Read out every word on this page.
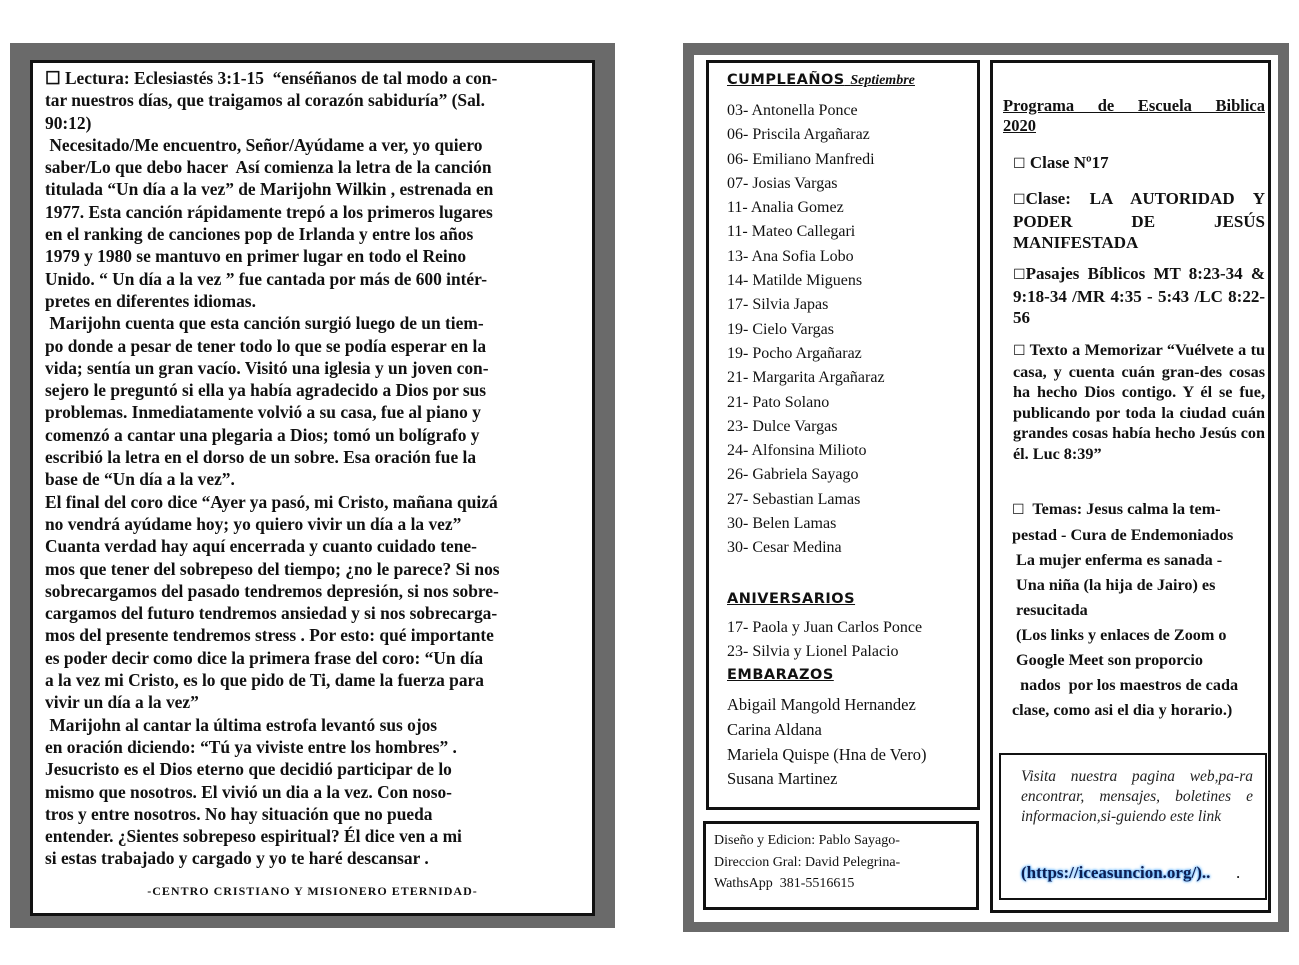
☐ Lectura: Eclesiastés 3:1-15  “enséñanos de tal modo a con-
tar nuestros días, que traigamos al corazón sabiduría” (Sal.
90:12)
Necesitado/Me encuentro, Señor/Ayúdame a ver, yo quiero
saber/Lo que debo hacer  Así comienza la letra de la canción
titulada “Un día a la vez” de Marijohn Wilkin , estrenada en
1977. Esta canción rápidamente trepó a los primeros lugares
en el ranking de canciones pop de Irlanda y entre los años
1979 y 1980 se mantuvo en primer lugar en todo el Reino
Unido. “ Un día a la vez ” fue cantada por más de 600 intér-
pretes en diferentes idiomas.
Marijohn cuenta que esta canción surgió luego de un tiem-
po donde a pesar de tener todo lo que se podía esperar en la
vida; sentía un gran vacío. Visitó una iglesia y un joven con-
sejero le preguntó si ella ya había agradecido a Dios por sus
problemas. Inmediatamente volvió a su casa, fue al piano y
comenzó a cantar una plegaria a Dios; tomó un bolígrafo y
escribió la letra en el dorso de un sobre. Esa oración fue la
base de “Un día a la vez”.
El final del coro dice “Ayer ya pasó, mi Cristo, mañana quizá
no vendrá ayúdame hoy; yo quiero vivir un día a la vez”
Cuanta verdad hay aquí encerrada y cuanto cuidado tene-
mos que tener del sobrepeso del tiempo; ¿no le parece? Si nos
sobrecargamos del pasado tendremos depresión, si nos sobre-
cargamos del futuro tendremos ansiedad y si nos sobrecarga-
mos del presente tendremos stress . Por esto: qué importante
es poder decir como dice la primera frase del coro: “Un día
a la vez mi Cristo, es lo que pido de Ti, dame la fuerza para
vivir un día a la vez”
Marijohn al cantar la última estrofa levantó sus ojos
en oración diciendo: “Tú ya viviste entre los hombres” .
Jesucristo es el Dios eterno que decidió participar de lo
mismo que nosotros. El vivió un dia a la vez. Con noso-
tros y entre nosotros. No hay situación que no pueda
entender. ¿Sientes sobrepeso espiritual? Él dice ven a mi
si estas trabajado y cargado y yo te haré descansar .
-CENTRO CRISTIANO Y MISIONERO ETERNIDAD-
CUMPLEAÑOS Septiembre
03- Antonella Ponce
06- Priscila Argañaraz
06- Emiliano Manfredi
07- Josias Vargas
11- Analia Gomez
11- Mateo Callegari
13- Ana Sofia Lobo
14- Matilde Miguens
17- Silvia Japas
19- Cielo Vargas
19- Pocho Argañaraz
21- Margarita Argañaraz
21- Pato Solano
23- Dulce Vargas
24- Alfonsina Milioto
26- Gabriela Sayago
27- Sebastian Lamas
30- Belen Lamas
30- Cesar Medina
ANIVERSARIOS
17- Paola y Juan Carlos Ponce
23- Silvia y Lionel Palacio
EMBARAZOS
Abigail Mangold Hernandez
Carina Aldana
Mariela Quispe (Hna de Vero)
Susana Martinez
Diseño y Edicion: Pablo Sayago-
Direccion Gral: David Pelegrina-
WathsApp  381-5516615
Programa de Escuela Biblica
2020
☐ Clase Nº17
☐Clase: LA AUTORIDAD Y PODER DE JESÚS MANIFESTADA
☐Pasajes Bíblicos MT 8:23-34 & 9:18-34 /MR 4:35 - 5:43 /LC 8:22-56
☐ Texto a Memorizar “Vuélvete a tu casa, y cuenta cuán gran-des cosas ha hecho Dios contigo. Y él se fue, publicando por toda la ciudad cuán grandes cosas había hecho Jesús con él. Luc 8:39”
☐  Temas: Jesus calma la tem-
pestad - Cura de Endemoniados
La mujer enferma es sanada -
Una niña (la hija de Jairo) es
resucitada
(Los links y enlaces de Zoom o
Google Meet son proporcio
nados  por los maestros de cada
clase, como asi el dia y horario.)
Visita nuestra pagina web,pa-ra encontrar, mensajes, boletines e informacion,si-guiendo este link
(https://iceasuncion.org/).. .
